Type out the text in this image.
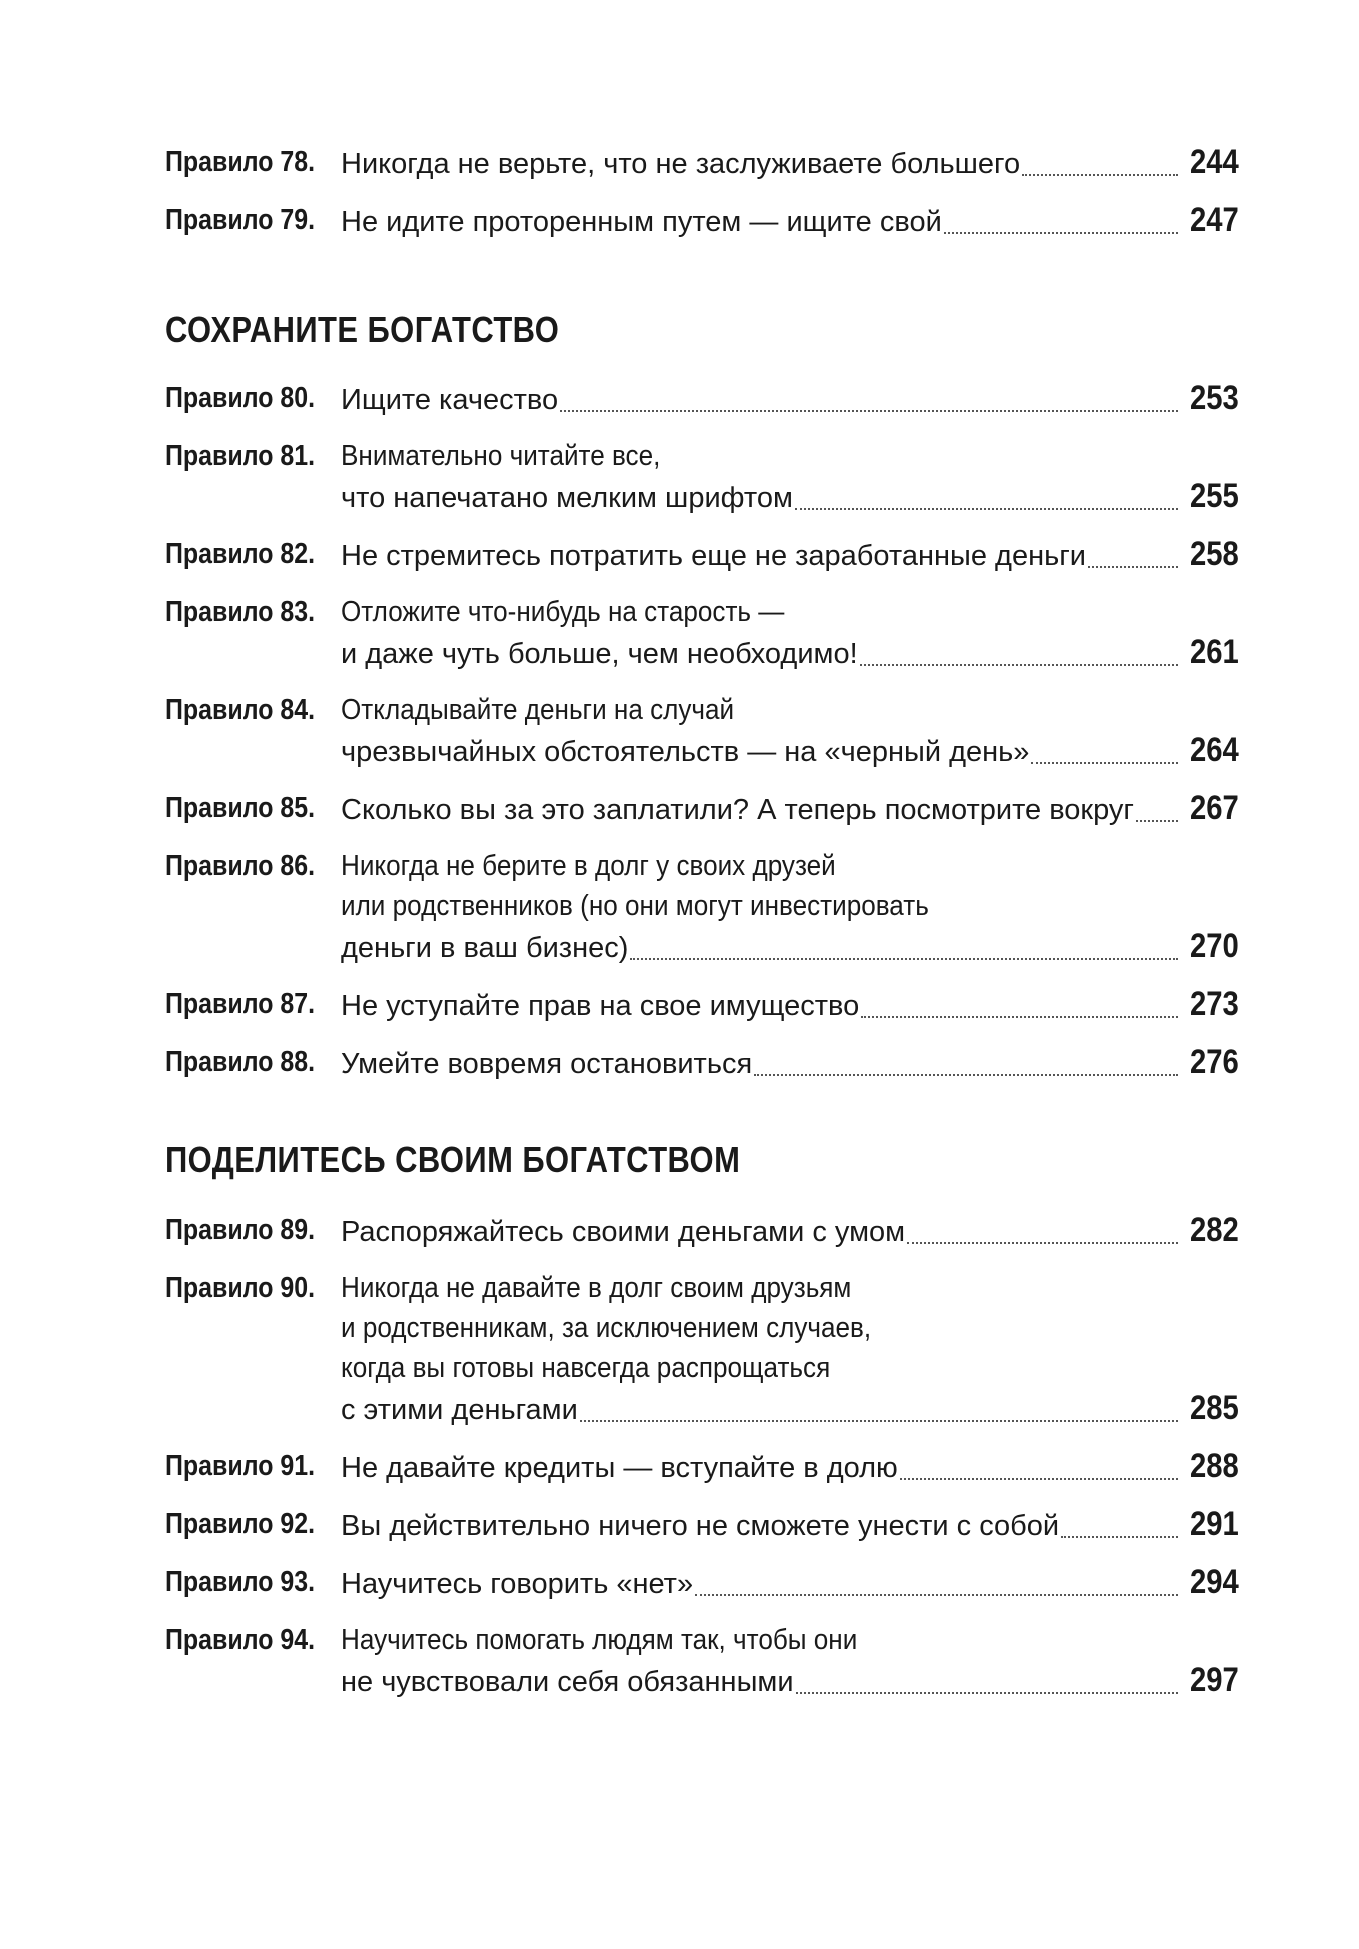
Правило 78. Никогда не верьте, что не заслуживаете большего	244
Правило 79. Не идите проторенным путем — ищите свой	247
СОХРАНИТЕ БОГАТСТВО
Правило 80. Ищите качество	253
Правило 81. Внимательно читайте все,
что напечатано мелким шрифтом	255
Правило 82. Не стремитесь потратить еще не заработанные деньги	258
Правило 83. Отложите что-нибудь на старость —
и даже чуть больше, чем необходимо!	261
Правило 84. Откладывайте деньги на случай
чрезвычайных обстоятельств — на «черный день»	264
Правило 85. Сколько вы за это заплатили? А теперь посмотрите вокруг 267
Правило 86. Никогда не берите в долг у своих друзей
или родственников (но они могут инвестировать
деньги в ваш бизнес)	270
Правило 87. Не уступайте прав на свое имущество	273
Правило 88. Умейте вовремя остановиться	276
ПОДЕЛИТЕСЬ СВОИМ БОГАТСТВОМ
Правило 89. Распоряжайтесь своими деньгами с умом	282
Правило 90. Никогда не давайте в долг своим друзьям
и родственникам, за исключением случаев,
когда вы готовы навсегда распрощаться
с этими деньгами	285
Правило 91. Не давайте кредиты — вступайте в долю	288
Правило 92. Вы действительно ничего не сможете унести с собой	291
Правило 93. Научитесь говорить «нет»	294
Правило 94. Научитесь помогать людям так, чтобы они
не чувствовали себя обязанными	297
